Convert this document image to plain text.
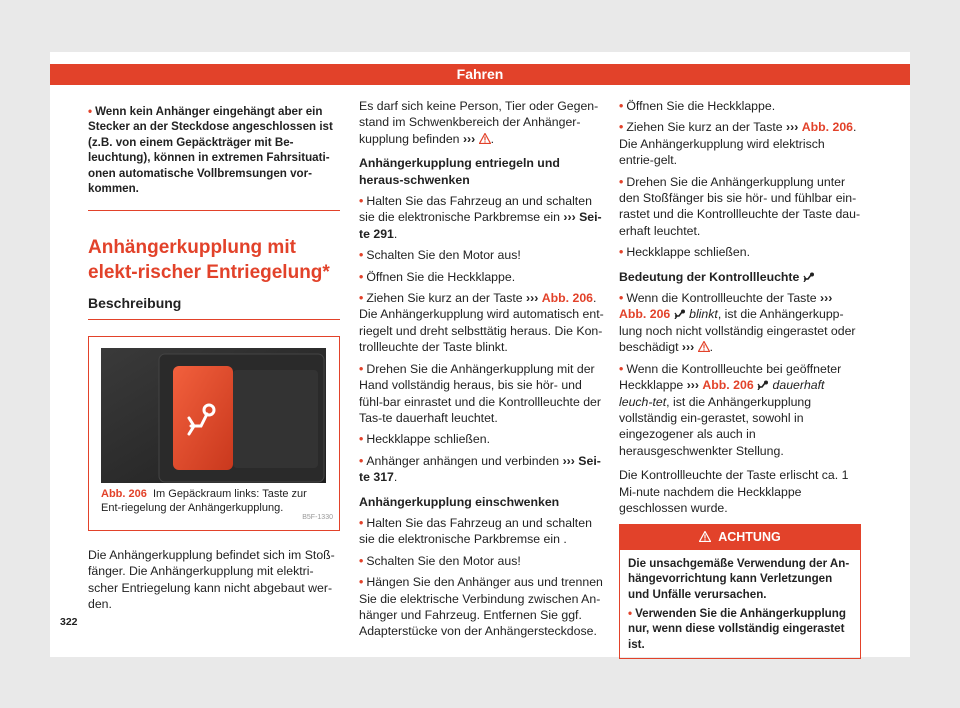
Fahren
• Wenn kein Anhänger eingehängt aber ein Stecker an der Steckdose angeschlossen ist (z.B. von einem Gepäckträger mit Be-leuchtung), können in extremen Fahrsituati-onen automatische Vollbremsungen vor-kommen.
Anhängerkupplung mit elekt-rischer Entriegelung*
Beschreibung
B5F-1330
Abb. 206 Im Gepäckraum links: Taste zur Ent-riegelung der Anhängerkupplung.

Die Anhängerkupplung befindet sich im Stoß-fänger. Die Anhängerkupplung mit elektri-scher Entriegelung kann nicht abgebaut wer-den.

Es darf sich keine Person, Tier oder Gegen-stand im Schwenkbereich der Anhänger-kupplung befinden ››› .

Anhängerkupplung entriegeln und heraus-schwenken

• Halten Sie das Fahrzeug an und schalten sie die elektronische Parkbremse ein ››› Sei-te 291.

• Schalten Sie den Motor aus!

• Öffnen Sie die Heckklappe.

• Ziehen Sie kurz an der Taste ››› Abb. 206. Die Anhängerkupplung wird automatisch ent-riegelt und dreht selbsttätig heraus. Die Kon-trollleuchte der Taste blinkt.

• Drehen Sie die Anhängerkupplung mit der Hand vollständig heraus, bis sie hör- und fühl-bar einrastet und die Kontrollleuchte der Tas-te dauerhaft leuchtet.

• Heckklappe schließen.

• Anhänger anhängen und verbinden ››› Sei-te 317.

Anhängerkupplung einschwenken

• Halten Sie das Fahrzeug an und schalten sie die elektronische Parkbremse ein .

• Schalten Sie den Motor aus!

• Hängen Sie den Anhänger aus und trennen Sie die elektrische Verbindung zwischen An-hänger und Fahrzeug. Entfernen Sie ggf. Adapterstücke von der Anhängersteckdose.

• Öffnen Sie die Heckklappe.

• Ziehen Sie kurz an der Taste ››› Abb. 206. Die Anhängerkupplung wird elektrisch entrie-gelt.

• Drehen Sie die Anhängerkupplung unter den Stoßfänger bis sie hör- und fühlbar ein-rastet und die Kontrollleuchte der Taste dau-erhaft leuchtet.

• Heckklappe schließen.

Bedeutung der Kontrollleuchte

• Wenn die Kontrollleuchte der Taste ››› Abb. 206 blinkt, ist die Anhängerkupp-lung noch nicht vollständig eingerastet oder beschädigt ››› .

• Wenn die Kontrollleuchte bei geöffneter Heckklappe ››› Abb. 206 dauerhaft leuch-tet, ist die Anhängerkupplung vollständig ein-gerastet, sowohl in eingezogener als auch in herausgeschwenkter Stellung.

Die Kontrollleuchte der Taste erlischt ca. 1 Mi-nute nachdem die Heckklappe geschlossen wurde.

ACHTUNG
Die unsachgemäße Verwendung der An-hängevorrichtung kann Verletzungen und Unfälle verursachen.
• Verwenden Sie die Anhängerkupplung nur, wenn diese vollständig eingerastet ist.
322
